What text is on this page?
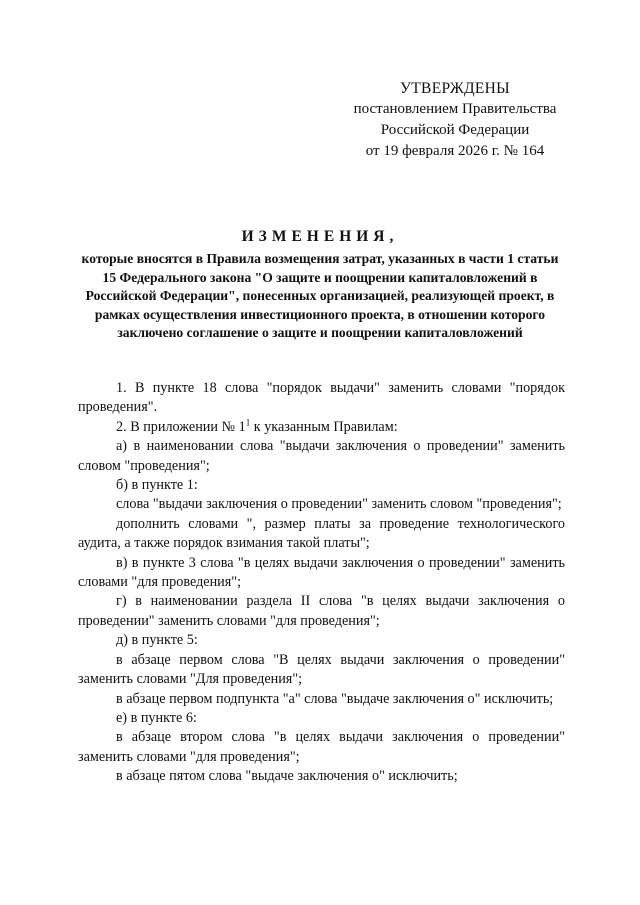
УТВЕРЖДЕНЫ
постановлением Правительства
Российской Федерации
от 19 февраля 2026 г. № 164
ИЗМЕНЕНИЯ,
которые вносятся в Правила возмещения затрат, указанных в части 1 статьи 15 Федерального закона "О защите и поощрении капиталовложений в Российской Федерации", понесенных организацией, реализующей проект, в рамках осуществления инвестиционного проекта, в отношении которого заключено соглашение о защите и поощрении капиталовложений

1. В пункте 18 слова "порядок выдачи" заменить словами "порядок проведения".

2. В приложении № $1^1$ к указанным Правилам:

а) в наименовании слова "выдачи заключения о проведении" заменить словом "проведения";

б) в пункте 1:

слова "выдачи заключения о проведении" заменить словом "проведения";

дополнить словами ", размер платы за проведение технологического аудита, а также порядок взимания такой платы";

в) в пункте 3 слова "в целях выдачи заключения о проведении" заменить словами "для проведения";

г) в наименовании раздела II слова "в целях выдачи заключения о проведении" заменить словами "для проведения";

д) в пункте 5:

в абзаце первом слова "В целях выдачи заключения о проведении" заменить словами "Для проведения";

в абзаце первом подпункта "а" слова "выдаче заключения о" исключить;

е) в пункте 6:

в абзаце втором слова "в целях выдачи заключения о проведении" заменить словами "для проведения";

в абзаце пятом слова "выдаче заключения о" исключить;
